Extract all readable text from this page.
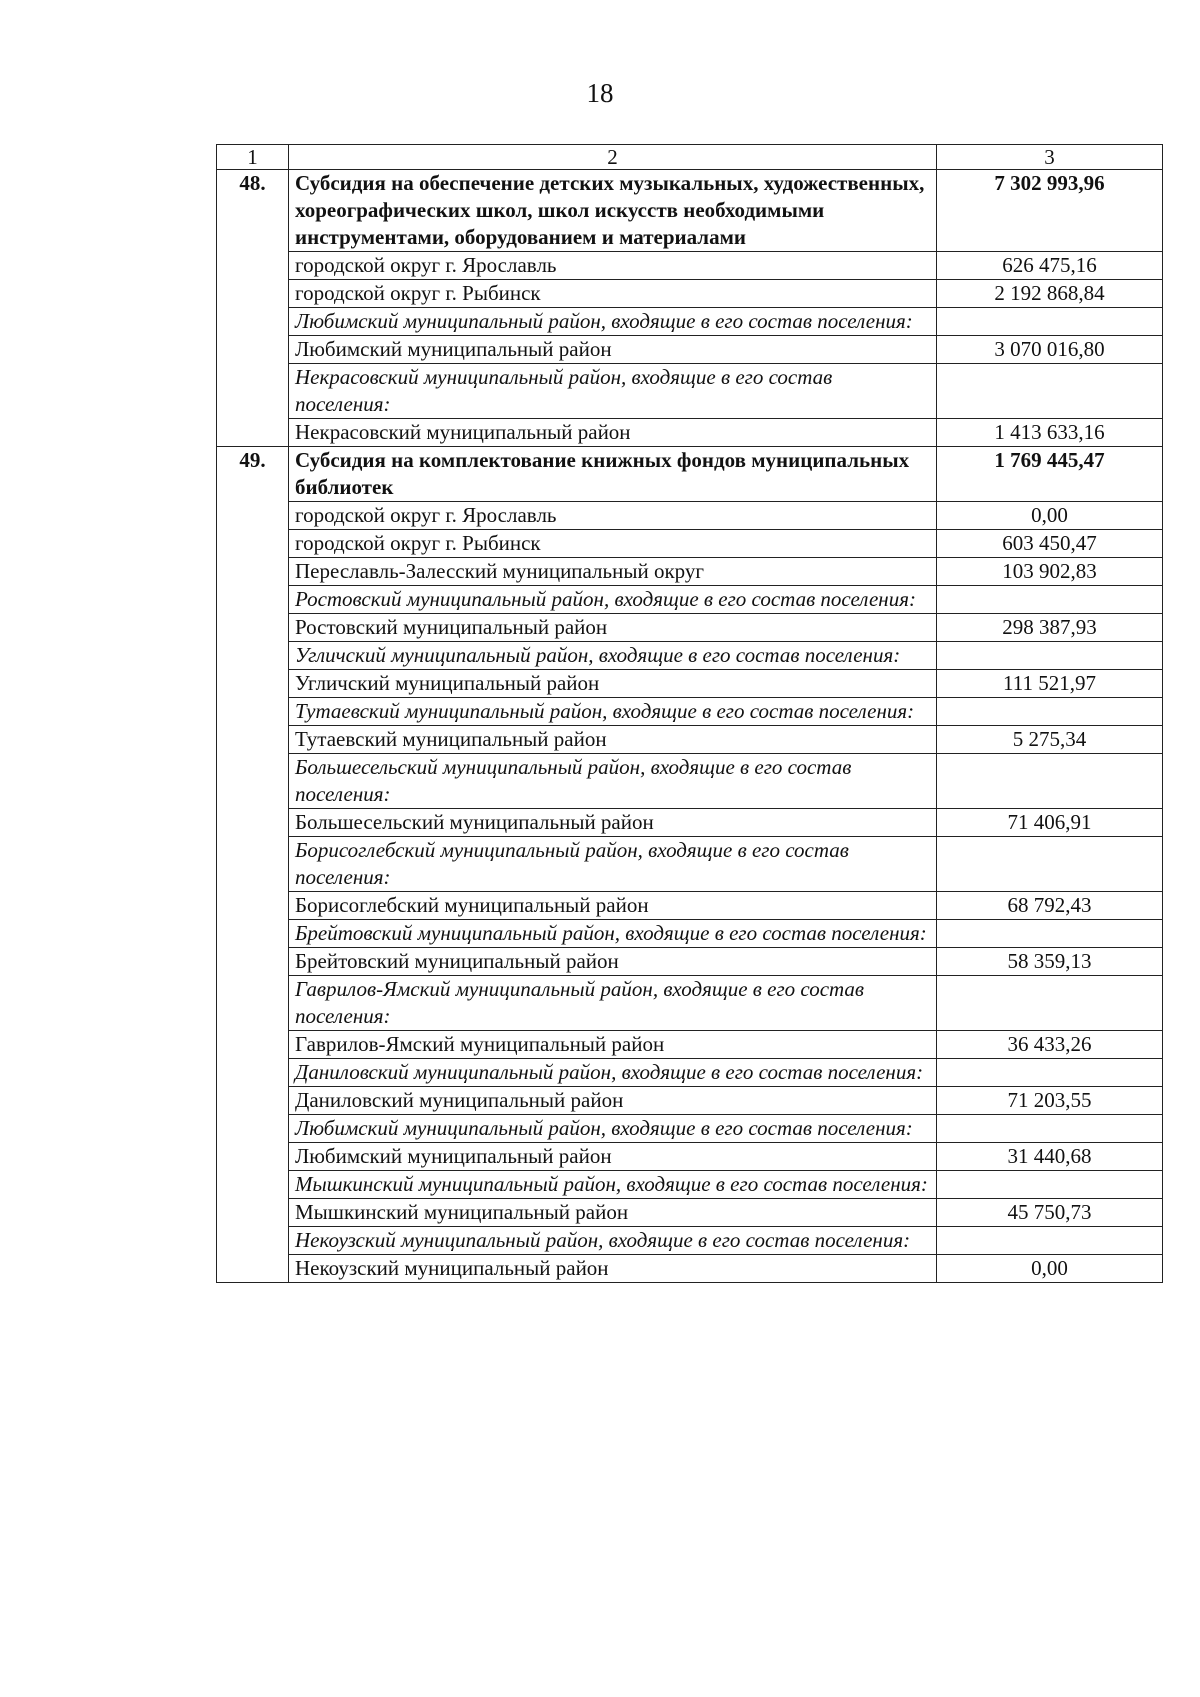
18
1	2	3
48.	Субсидия на обеспечение детских музыкальных, художественных, хореографических школ, школ искусств необходимыми инструментами, оборудованием и материалами	7 302 993,96
	городской округ г. Ярославль	626 475,16
	городской округ г. Рыбинск	2 192 868,84
	Любимский муниципальный район, входящие в его состав поселения:	
	Любимский муниципальный район	3 070 016,80
	Некрасовский муниципальный район, входящие в его состав поселения:	
	Некрасовский муниципальный район	1 413 633,16
49.	Субсидия на комплектование книжных фондов муниципальных библиотек	1 769 445,47
	городской округ г. Ярославль	0,00
	городской округ г. Рыбинск	603 450,47
	Переславль-Залесский муниципальный округ	103 902,83
	Ростовский муниципальный район, входящие в его состав поселения:	
	Ростовский муниципальный район	298 387,93
	Угличский муниципальный район, входящие в его состав поселения:	
	Угличский муниципальный район	111 521,97
	Тутаевский муниципальный район, входящие в его состав поселения:	
	Тутаевский муниципальный район	5 275,34
	Большесельский муниципальный район, входящие в его состав поселения:	
	Большесельский муниципальный район	71 406,91
	Борисоглебский муниципальный район, входящие в его состав поселения:	
	Борисоглебский муниципальный район	68 792,43
	Брейтовский муниципальный район, входящие в его состав поселения:	
	Брейтовский муниципальный район	58 359,13
	Гаврилов-Ямский муниципальный район, входящие в его состав поселения:	
	Гаврилов-Ямский муниципальный район	36 433,26
	Даниловский муниципальный район, входящие в его состав поселения:	
	Даниловский муниципальный район	71 203,55
	Любимский муниципальный район, входящие в его состав поселения:	
	Любимский муниципальный район	31 440,68
	Мышкинский муниципальный район, входящие в его состав поселения:	
	Мышкинский муниципальный район	45 750,73
	Некоузский муниципальный район, входящие в его состав поселения:	
	Некоузский муниципальный район	0,00
